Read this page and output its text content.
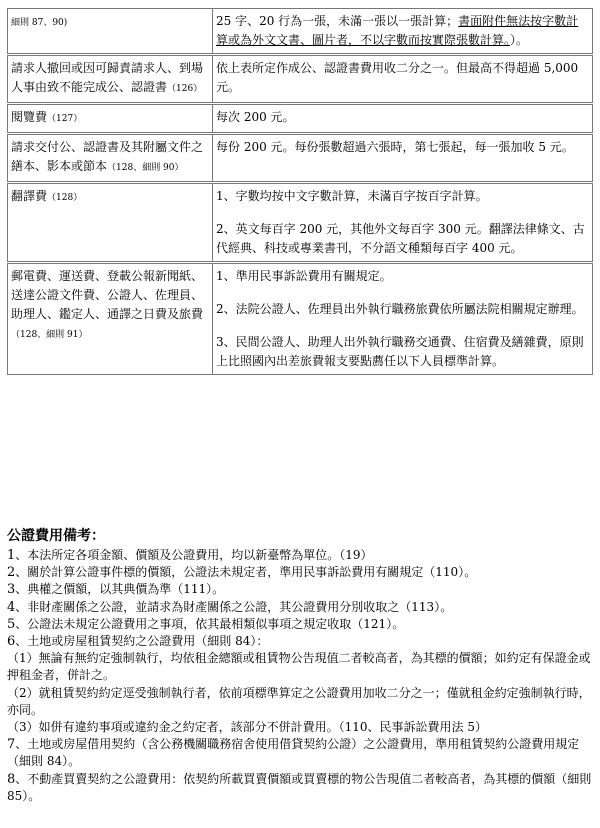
細則 87、90)	25 字、20 行為一張，未滿一張以一張計算；書面附件無法按字數計算或為外文文書、圖片者，不以字數而按實際張數計算。）。
請求人撤回或因可歸責請求人、到場人事由致不能完成公、認證書（126）	依上表所定作成公、認證書費用收二分之一。但最高不得超過 5,000 元。
閱覽費（127）	每次 200 元。
請求交付公、認證書及其附屬文件之繕本、影本或節本（128、細則 90）	每份 200 元。每份張數超過六張時，第七張起，每一張加收 5 元。
翻譯費（128）	1、字數均按中文字數計算，未滿百字按百字計算。
2、英文每百字 200 元，其他外文每百字 300 元。翻譯法律條文、古代經典、科技或專業書刊，不分語文種類每百字 400 元。

郵電費、運送費、登載公報新聞紙、送達公證文件費、公證人、佐理員、助理人、鑑定人、通譯之日費及旅費（128、細則 91）	1、準用民事訴訟費用有關規定。
2、法院公證人、佐理員出外執行職務旅費依所屬法院相關規定辦理。
3、民間公證人、助理人出外執行職務交通費、住宿費及繕雜費，原則上比照國內出差旅費報支要點薦任以下人員標準計算。
公證費用備考：
1、本法所定各項金額、價額及公證費用，均以新臺幣為單位。（19）
2、關於計算公證事件標的價額，公證法未規定者，準用民事訴訟費用有關規定（110）。
3、典權之價額，以其典價為準（111）。
4、非財產關係之公證，並請求為財產關係之公證，其公證費用分別收取之（113）。
5、公證法未規定公證費用之事項，依其最相類似事項之規定收取（121）。
6、土地或房屋租賃契約之公證費用（細則 84）：
（1）無論有無約定強制執行，均依租金總額或租賃物公告現值二者較高者，為其標的價額；如約定有保證金或押租金者，併計之。
（2）就租賃契約約定逕受強制執行者，依前項標準算定之公證費用加收二分之一；僅就租金約定強制執行時，亦同。
（3）如併有違約事項或違約金之約定者，該部分不併計費用。（110、民事訴訟費用法 5）
7、土地或房屋借用契約（含公務機關職務宿舍使用借貸契約公證）之公證費用，準用租賃契約公證費用規定（細則 84）。
8、不動產買賣契約之公證費用：依契約所載買賣價額或買賣標的物公告現值二者較高者，為其標的價額（細則 85）。
